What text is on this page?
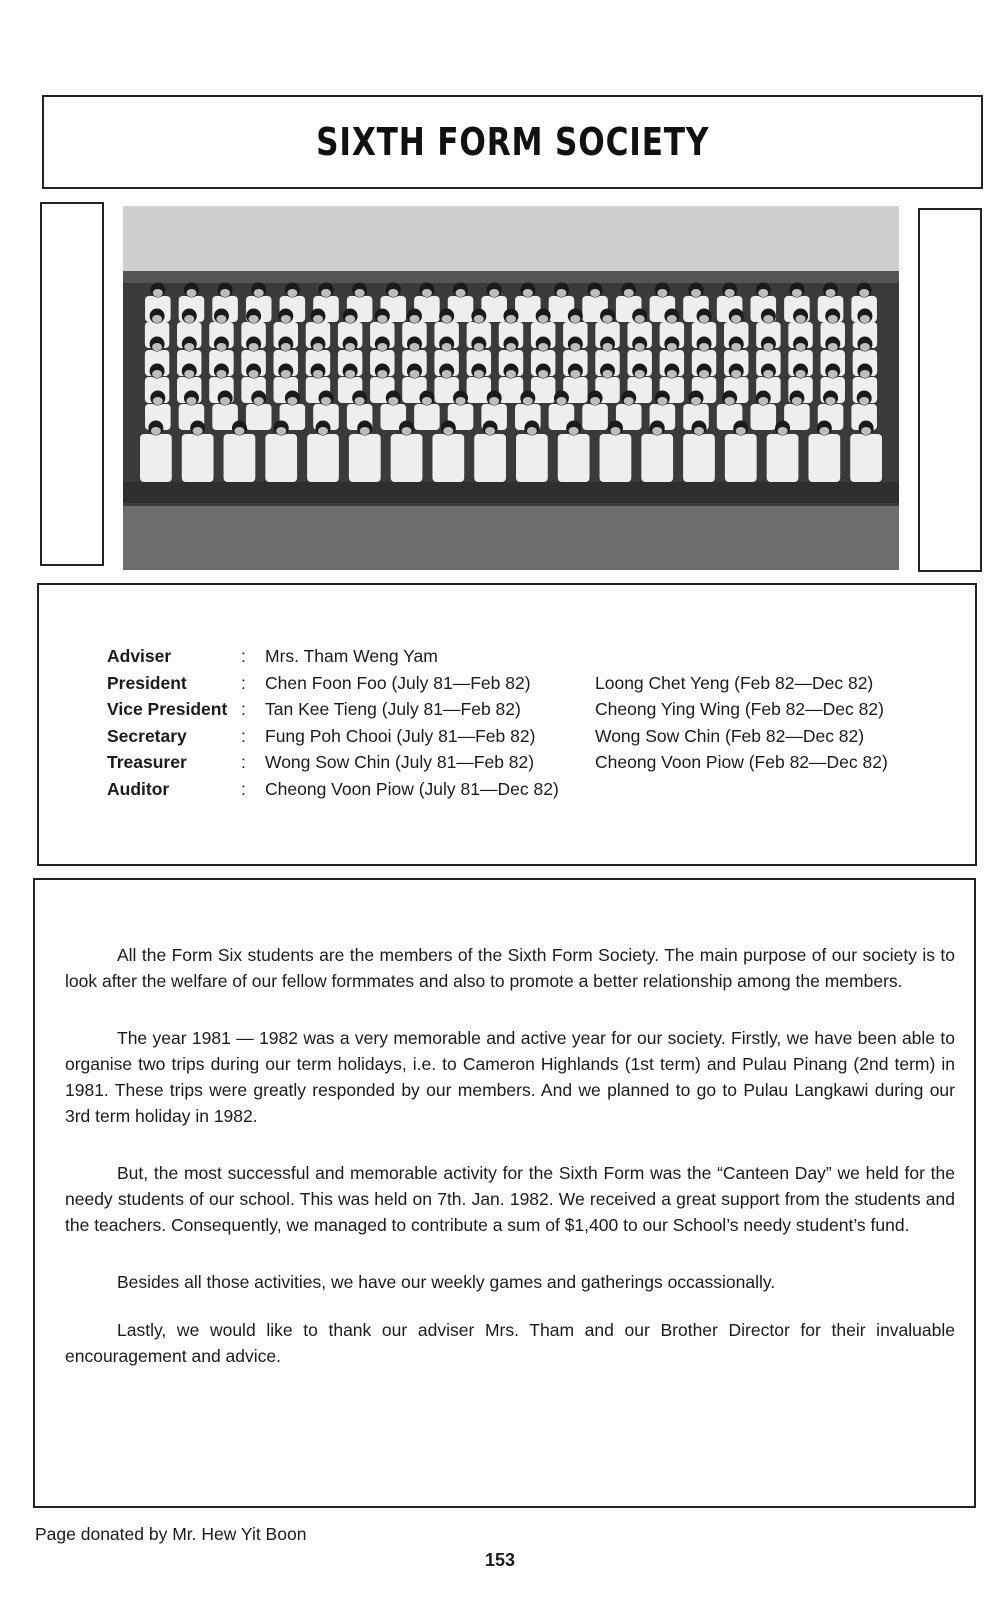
SIXTH FORM SOCIETY
Adviser	: Mrs. Tham Weng Yam
President	: Chen Foon Foo (July 81—Feb 82)	Loong Chet Yeng (Feb 82—Dec 82)
Vice President : Tan Kee Tieng (July 81—Feb 82)	Cheong Ying Wing (Feb 82—Dec 82)
Secretary	: Fung Poh Chooi (July 81—Feb 82)	Wong Sow Chin (Feb 82—Dec 82)
Treasurer	: Wong Sow Chin (July 81—Feb 82)	Cheong Voon Piow (Feb 82—Dec 82)
Auditor	: Cheong Voon Piow (July 81—Dec 82)

All the Form Six students are the members of the Sixth Form Society. The main purpose of our society is to look after the welfare of our fellow formmates and also to promote a better relationship among the members.

The year 1981 — 1982 was a very memorable and active year for our society. Firstly, we have been able to organise two trips during our term holidays, i.e. to Cameron Highlands (1st term) and Pulau Pinang (2nd term) in 1981. These trips were greatly responded by our members. And we planned to go to Pulau Langkawi during our 3rd term holiday in 1982.

But, the most successful and memorable activity for the Sixth Form was the “Canteen Day” we held for the needy students of our school. This was held on 7th. Jan. 1982. We received a great support from the students and the teachers. Consequently, we managed to contribute a sum of $1,400 to our School’s needy student’s fund.

Besides all those activities, we have our weekly games and gatherings occassionally.

Lastly, we would like to thank our adviser Mrs. Tham and our Brother Director for their invaluable encouragement and advice.

Page donated by Mr. Hew Yit Boon
153
